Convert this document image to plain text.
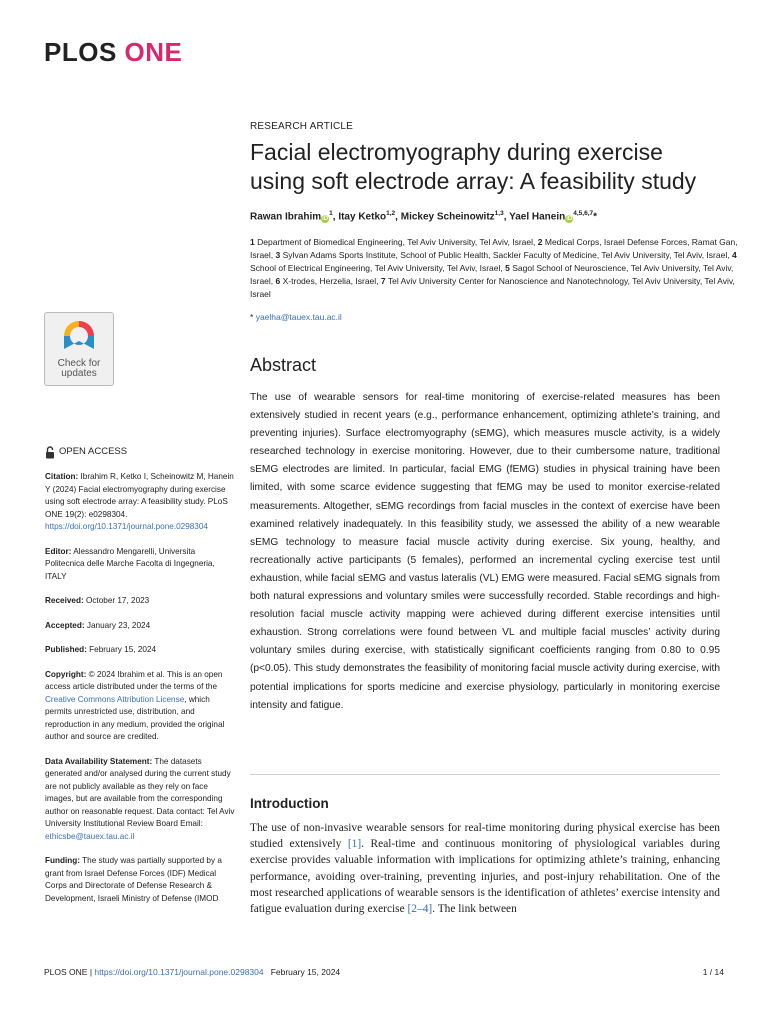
PLOS ONE
RESEARCH ARTICLE
Facial electromyography during exercise using soft electrode array: A feasibility study
Rawan IbrahimiD$^1$, Itay Ketko$^{1,2}$, Mickey Scheinowitz$^{1,3}$, Yael HaneiniD$^{4,5,6,7}$*
1 Department of Biomedical Engineering, Tel Aviv University, Tel Aviv, Israel, 2 Medical Corps, Israel Defense Forces, Ramat Gan, Israel, 3 Sylvan Adams Sports Institute, School of Public Health, Sackler Faculty of Medicine, Tel Aviv University, Tel Aviv, Israel, 4 School of Electrical Engineering, Tel Aviv University, Tel Aviv, Israel, 5 Sagol School of Neuroscience, Tel Aviv University, Tel Aviv, Israel, 6 X-trodes, Herzelia, Israel, 7 Tel Aviv University Center for Nanoscience and Nanotechnology, Tel Aviv University, Tel Aviv, Israel
* yaelha@tauex.tau.ac.il
Check for
updates
OPEN ACCESS

Citation: Ibrahim R, Ketko I, Scheinowitz M, Hanein Y (2024) Facial electromyography during exercise using soft electrode array: A feasibility study. PLoS ONE 19(2): e0298304. https://doi.org/10.1371/journal.pone.0298304

Editor: Alessandro Mengarelli, Universita Politecnica delle Marche Facolta di Ingegneria, ITALY

Received: October 17, 2023

Accepted: January 23, 2024

Published: February 15, 2024

Copyright: © 2024 Ibrahim et al. This is an open access article distributed under the terms of the Creative Commons Attribution License, which permits unrestricted use, distribution, and reproduction in any medium, provided the original author and source are credited.

Data Availability Statement: The datasets generated and/or analysed during the current study are not publicly available as they rely on face images, but are available from the corresponding author on reasonable request. Data contact: Tel Aviv University Institutional Review Board Email: ethicsbe@tauex.tau.ac.il

Funding: The study was partially supported by a grant from Israel Defense Forces (IDF) Medical Corps and Directorate of Defense Research & Development, Israeli Ministry of Defense (IMOD

Abstract
The use of wearable sensors for real-time monitoring of exercise-related measures has been extensively studied in recent years (e.g., performance enhancement, optimizing athlete’s training, and preventing injuries). Surface electromyography (sEMG), which measures muscle activity, is a widely researched technology in exercise monitoring. However, due to their cumbersome nature, traditional sEMG electrodes are limited. In particular, facial EMG (fEMG) studies in physical training have been limited, with some scarce evidence suggesting that fEMG may be used to monitor exercise-related measurements. Altogether, sEMG recordings from facial muscles in the context of exercise have been examined relatively inadequately. In this feasibility study, we assessed the ability of a new wearable sEMG technology to measure facial muscle activity during exercise. Six young, healthy, and recreationally active participants (5 females), performed an incremental cycling exercise test until exhaustion, while facial sEMG and vastus lateralis (VL) EMG were measured. Facial sEMG signals from both natural expressions and voluntary smiles were successfully recorded. Stable recordings and high-resolution facial muscle activity mapping were achieved during different exercise intensities until exhaustion. Strong correlations were found between VL and multiple facial muscles’ activity during voluntary smiles during exercise, with statistically significant coefficients ranging from 0.80 to 0.95 (p<0.05). This study demonstrates the feasibility of monitoring facial muscle activity during exercise, with potential implications for sports medicine and exercise physiology, particularly in monitoring exercise intensity and fatigue.
Introduction
The use of non-invasive wearable sensors for real-time monitoring during physical exercise has been studied extensively [1]. Real-time and continuous monitoring of physiological variables during exercise provides valuable information with implications for optimizing athlete’s training, enhancing performance, avoiding over-training, preventing injuries, and post-injury rehabilitation. One of the most researched applications of wearable sensors is the identification of athletes’ exercise intensity and fatigue evaluation during exercise [2–4]. The link between
PLOS ONE | https://doi.org/10.1371/journal.pone.0298304 February 15, 2024	1 / 14
